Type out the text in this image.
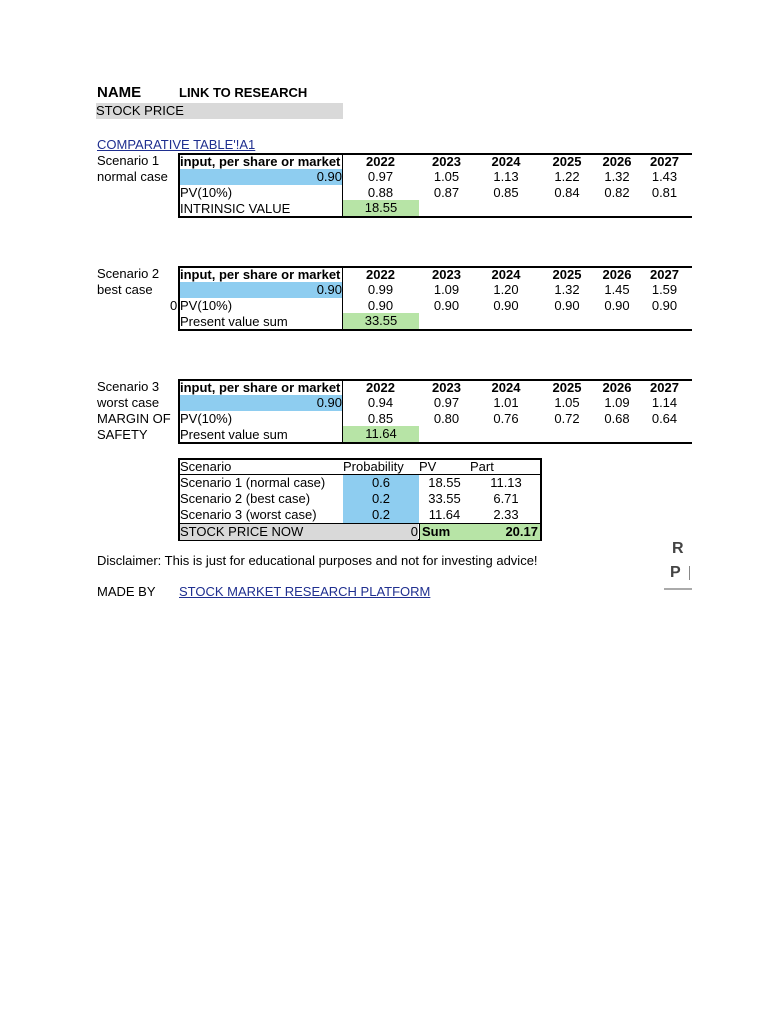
NAME	LINK TO RESEARCH
STOCK PRICE
COMPARATIVE TABLE'!A1
Scenario 1
normal case
input, per share or market	2022	2023	2024	2025	2026	2027
0.90	0.97	1.05	1.13	1.22	1.32	1.43
PV(10%)	0.88	0.87	0.85	0.84	0.82	0.81
INTRINSIC VALUE	18.55
Scenario 2
best case
0
input, per share or market	2022	2023	2024	2025	2026	2027
0.90	0.99	1.09	1.20	1.32	1.45	1.59
PV(10%)	0.90	0.90	0.90	0.90	0.90	0.90
Present value sum	33.55
Scenario 3
worst case
MARGIN OF
SAFETY
input, per share or market	2022	2023	2024	2025	2026	2027
0.90	0.94	0.97	1.01	1.05	1.09	1.14
PV(10%)	0.85	0.80	0.76	0.72	0.68	0.64
Present value sum	11.64
Scenario	Probability	PV	Part
Scenario 1 (normal case)	0.6	18.55	11.13
Scenario 2 (best case)	0.2	33.55	6.71
Scenario 3 (worst case)	0.2	11.64	2.33
STOCK PRICE NOW	0 Sum	20.17
Disclaimer: This is just for educational purposes and not for investing advice!
MADE BY STOCK MARKET RESEARCH PLATFORM
R
P
